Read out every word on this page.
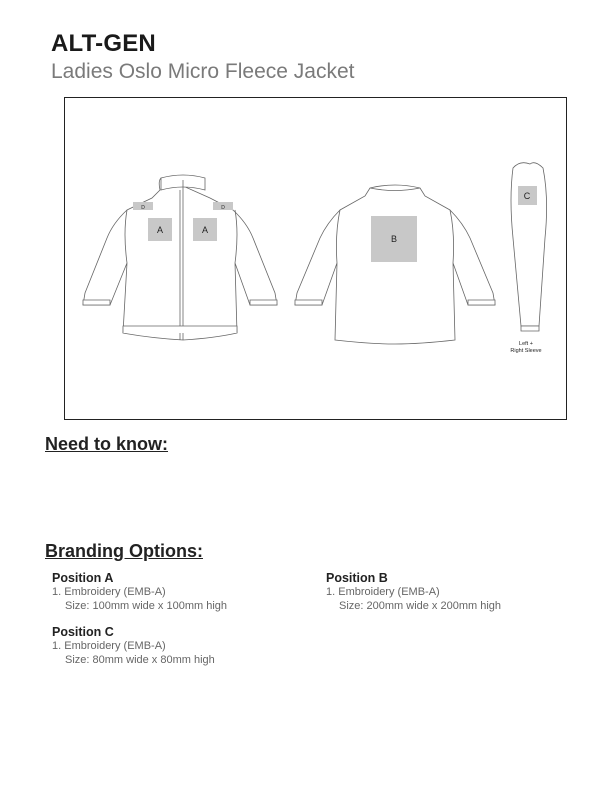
ALT-GEN
Ladies Oslo Micro Fleece Jacket
A	A
D	D
B
C
Left +
Right Sleeve
Need to know:
Branding Options:
Position A
1. Embroidery (EMB-A)
Size: 100mm wide x 100mm high
Position B
1. Embroidery (EMB-A)
Size: 200mm wide x 200mm high
Position C
1. Embroidery (EMB-A)
Size: 80mm wide x 80mm high
